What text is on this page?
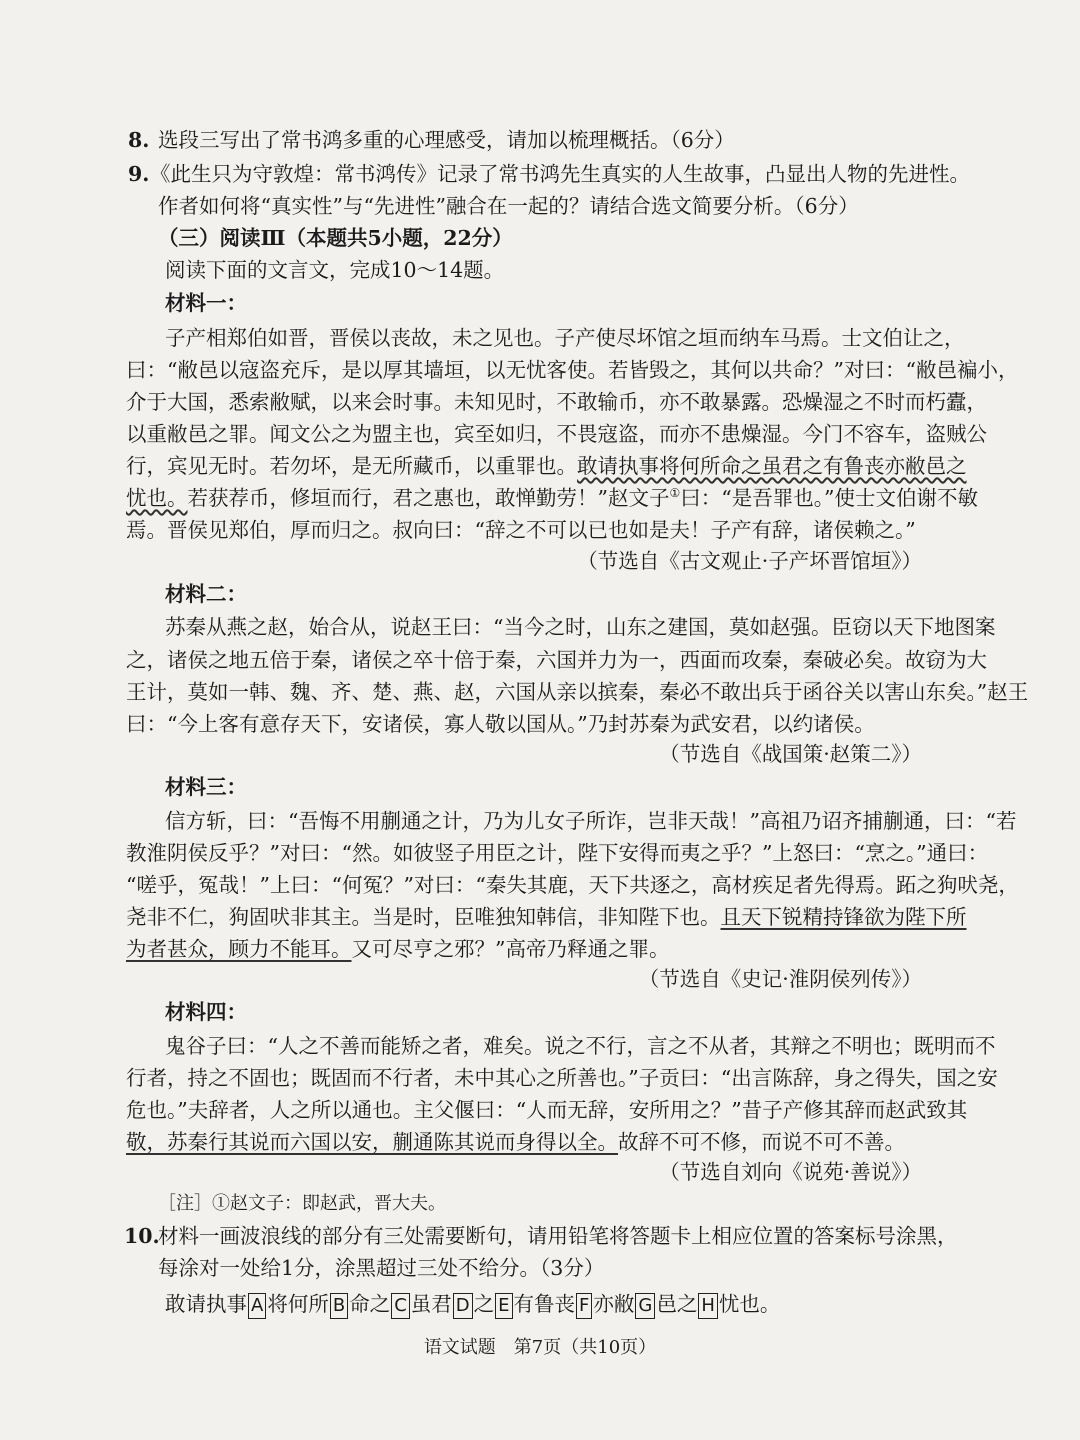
8. 选段三写出了常书鸿多重的心理感受，请加以梳理概括。（6分）
9. 《此生只为守敦煌：常书鸿传》记录了常书鸿先生真实的人生故事，凸显出人物的先进性。
作者如何将“真实性”与“先进性”融合在一起的？请结合选文简要分析。（6分）
（三）阅读Ⅲ（本题共5小题，22分）
阅读下面的文言文，完成10～14题。
材料一：
子产相郑伯如晋，晋侯以丧故，未之见也。子产使尽坏馆之垣而纳车马焉。士文伯让之，
曰：“敝邑以寇盗充斥，是以厚其墙垣，以无忧客使。若皆毁之，其何以共命？”对曰：“敝邑褊小，
介于大国，悉索敝赋，以来会时事。未知见时，不敢输币，亦不敢暴露。恐燥湿之不时而朽蠹，
以重敝邑之罪。闻文公之为盟主也，宾至如归，不畏寇盗，而亦不患燥湿。今门不容车，盗贼公
行，宾见无时。若勿坏，是无所藏币，以重罪也。敢请执事将何所命之虽君之有鲁丧亦敝邑之
忧也。若获荐币，修垣而行，君之惠也，敢惮勤劳！”赵文子①曰：“是吾罪也。”使士文伯谢不敏
焉。晋侯见郑伯，厚而归之。叔向曰：“辞之不可以已也如是夫！子产有辞，诸侯赖之。”
（节选自《古文观止·子产坏晋馆垣》）
材料二：
苏秦从燕之赵，始合从，说赵王曰：“当今之时，山东之建国，莫如赵强。臣窃以天下地图案
之，诸侯之地五倍于秦，诸侯之卒十倍于秦，六国并力为一，西面而攻秦，秦破必矣。故窃为大
王计，莫如一韩、魏、齐、楚、燕、赵，六国从亲以摈秦，秦必不敢出兵于函谷关以害山东矣。”赵王
曰：“今上客有意存天下，安诸侯，寡人敬以国从。”乃封苏秦为武安君，以约诸侯。
（节选自《战国策·赵策二》）
材料三：
信方斩，曰：“吾悔不用蒯通之计，乃为儿女子所诈，岂非天哉！”高祖乃诏齐捕蒯通，曰：“若
教淮阴侯反乎？”对曰：“然。如彼竖子用臣之计，陛下安得而夷之乎？”上怒曰：“烹之。”通曰：
“嗟乎，冤哉！”上曰：“何冤？”对曰：“秦失其鹿，天下共逐之，高材疾足者先得焉。跖之狗吠尧，
尧非不仁，狗固吠非其主。当是时，臣唯独知韩信，非知陛下也。且天下锐精持锋欲为陛下所
为者甚众，顾力不能耳。又可尽亨之邪？”高帝乃释通之罪。
（节选自《史记·淮阴侯列传》）
材料四：
鬼谷子曰：“人之不善而能矫之者，难矣。说之不行，言之不从者，其辩之不明也；既明而不
行者，持之不固也；既固而不行者，未中其心之所善也。”子贡曰：“出言陈辞，身之得失，国之安
危也。”夫辞者，人之所以通也。主父偃曰：“人而无辞，安所用之？”昔子产修其辞而赵武致其
敬，苏秦行其说而六国以安，蒯通陈其说而身得以全。故辞不可不修，而说不可不善。
（节选自刘向《说苑·善说》）
［注］①赵文子：即赵武，晋大夫。
10.
材料一画波浪线的部分有三处需要断句，请用铅笔将答题卡上相应位置的答案标号涂黑，
每涂对一处给1分，涂黑超过三处不给分。（3分）
敢请执事 A 将何所 B 命之 C 虽君 D 之 E 有鲁丧 F 亦敝 G 邑之 H 忧也。
语文试题　第7页（共10页）
